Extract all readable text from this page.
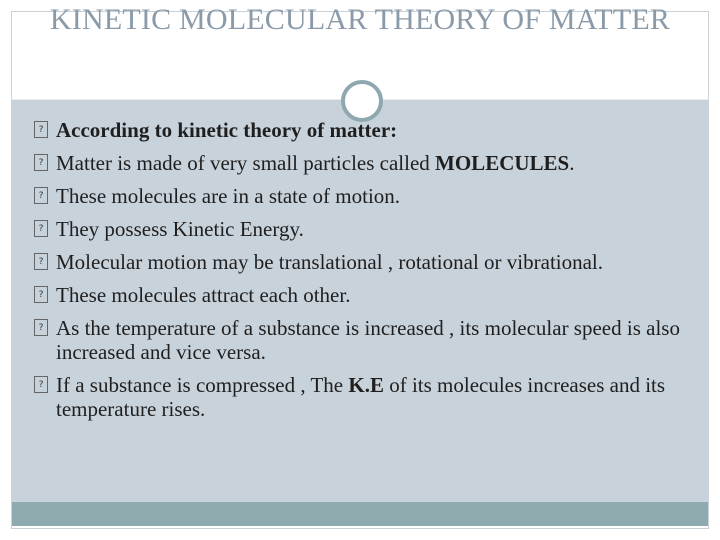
KINETIC MOLECULAR THEORY OF MATTER
? According to kinetic theory of matter:
? Matter is made of very small particles called MOLECULES.
? These molecules are in a state of motion.
? They possess Kinetic Energy.
? Molecular motion may be translational , rotational or vibrational.
? These molecules attract each other.
? As the temperature of a substance is increased , its molecular speed is also increased and vice versa.
? If a substance is compressed , The K.E of its molecules increases and its temperature rises.
